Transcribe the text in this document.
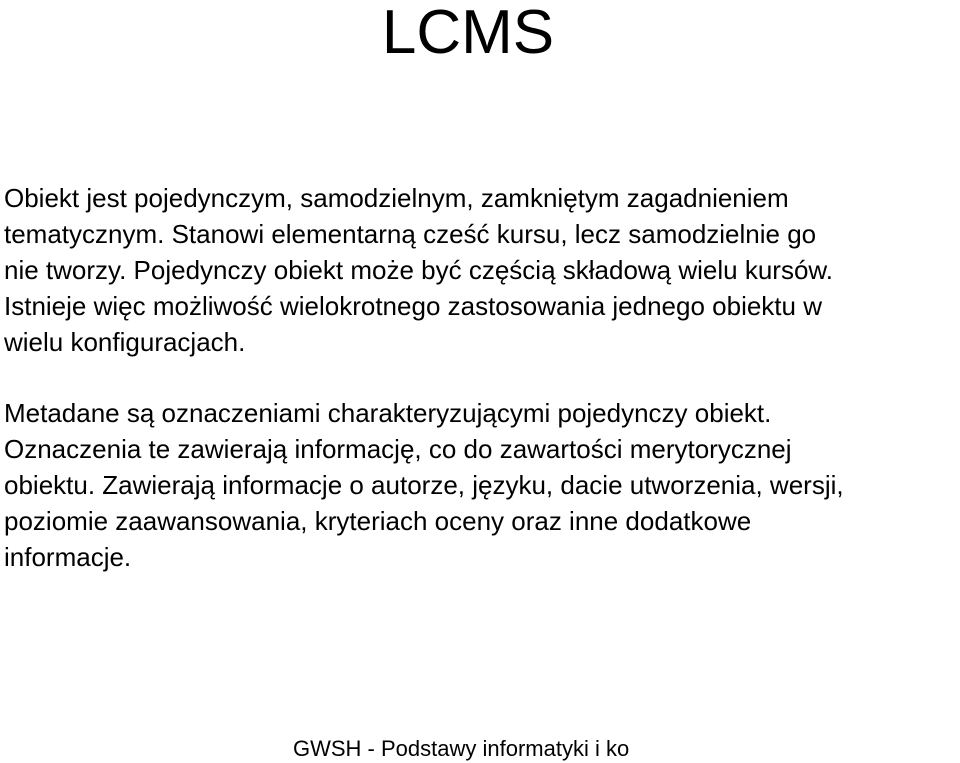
LCMS

Obiekt jest pojedynczym, samodzielnym, zamkniętym zagadnieniem
tematycznym. Stanowi elementarną cześć kursu, lecz samodzielnie go
nie tworzy. Pojedynczy obiekt może być częścią składową wielu kursów.
Istnieje więc możliwość wielokrotnego zastosowania jednego obiektu w
wielu konfiguracjach.

Metadane są oznaczeniami charakteryzującymi pojedynczy obiekt.
Oznaczenia te zawierają informację, co do zawartości merytorycznej
obiektu. Zawierają informacje o autorze, języku, dacie utworzenia, wersji,
poziomie zaawansowania, kryteriach oceny oraz inne dodatkowe
informacje.

GWSH - Podstawy informatyki i ko
